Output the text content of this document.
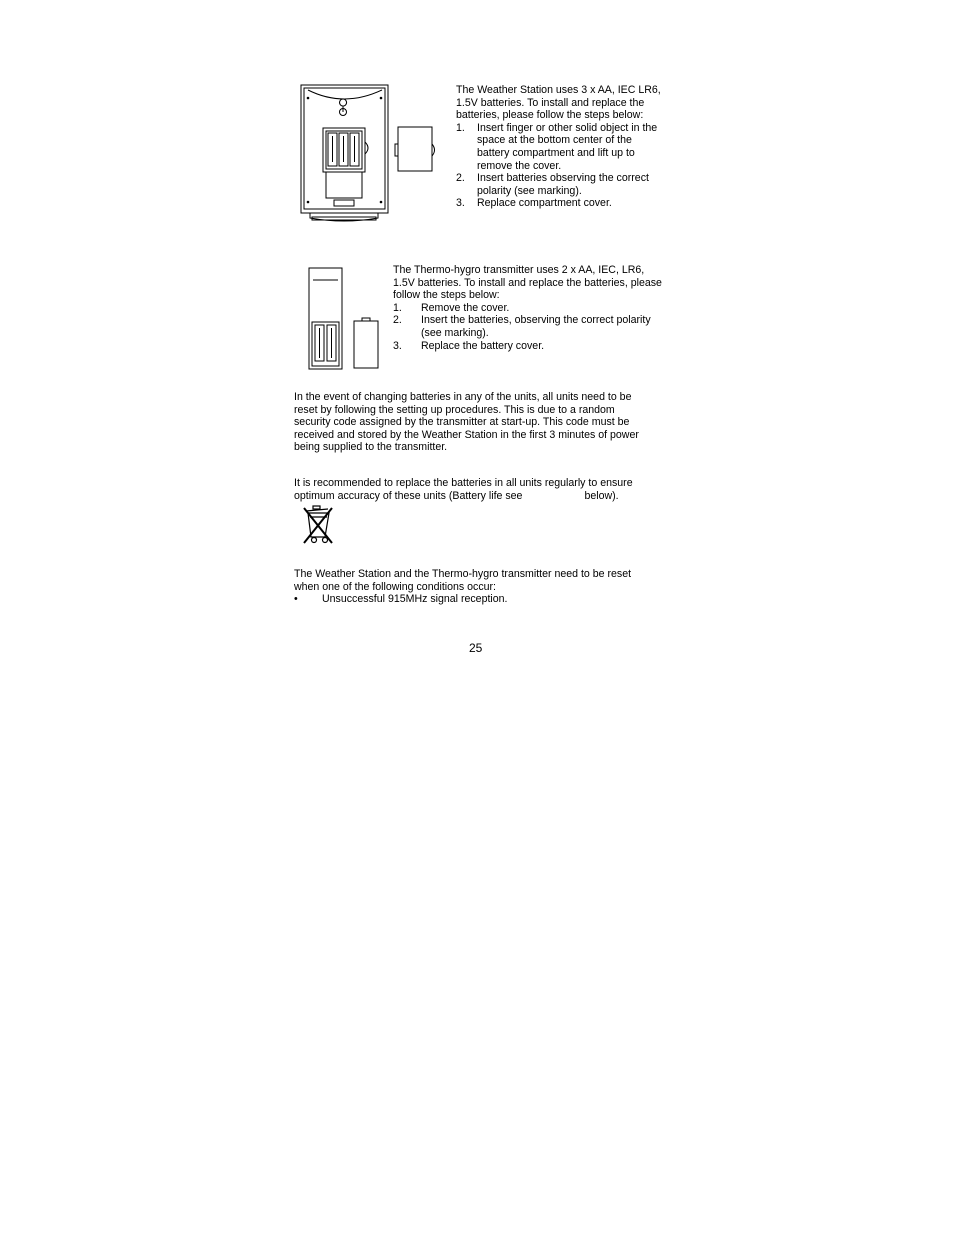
The Weather Station uses 3 x AA, IEC LR6, 1.5V batteries. To install and replace the batteries, please follow the steps below:
1. Insert finger or other solid object in the space at the bottom center of the battery compartment and lift up to remove the cover.
2. Insert batteries observing the correct polarity (see marking).
3. Replace compartment cover.
The Thermo-hygro transmitter uses 2 x AA, IEC, LR6, 1.5V batteries. To install and replace the batteries, please follow the steps below:
1. Remove the cover.
2. Insert the batteries, observing the correct polarity (see marking).
3. Replace the battery cover.

In the event of changing batteries in any of the units, all units need to be reset by following the setting up procedures. This is due to a random security code assigned by the transmitter at start-up. This code must be received and stored by the Weather Station in the first 3 minutes of power being supplied to the transmitter.

It is recommended to replace the batteries in all units regularly to ensure optimum accuracy of these units (Battery life see	below).

The Weather Station and the Thermo-hygro transmitter need to be reset when one of the following conditions occur:
• Unsuccessful 915MHz signal reception.
25
